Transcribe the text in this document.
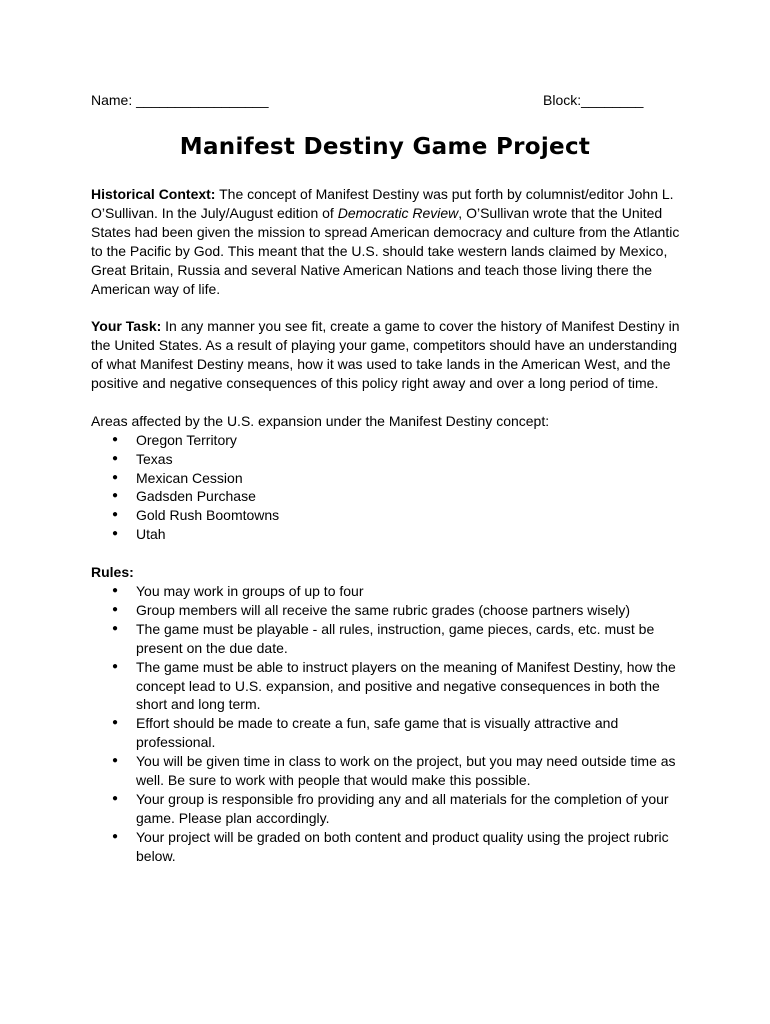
Name: _________________	Block:________
Manifest Destiny Game Project

Historical Context: The concept of Manifest Destiny was put forth by columnist/editor John L. O’Sullivan. In the July/August edition of Democratic Review, O’Sullivan wrote that the United States had been given the mission to spread American democracy and culture from the Atlantic to the Pacific by God. This meant that the U.S. should take western lands claimed by Mexico, Great Britain, Russia and several Native American Nations and teach those living there the American way of life.

Your Task: In any manner you see fit, create a game to cover the history of Manifest Destiny in the United States. As a result of playing your game, competitors should have an understanding of what Manifest Destiny means, how it was used to take lands in the American West, and the positive and negative consequences of this policy right away and over a long period of time.

Areas affected by the U.S. expansion under the Manifest Destiny concept:

● Oregon Territory
● Texas
● Mexican Cession
● Gadsden Purchase
● Gold Rush Boomtowns
● Utah

Rules:

● You may work in groups of up to four
● Group members will all receive the same rubric grades (choose partners wisely)
● The game must be playable - all rules, instruction, game pieces, cards, etc. must be present on the due date.
● The game must be able to instruct players on the meaning of Manifest Destiny, how the concept lead to U.S. expansion, and positive and negative consequences in both the short and long term.
● Effort should be made to create a fun, safe game that is visually attractive and professional.
● You will be given time in class to work on the project, but you may need outside time as well. Be sure to work with people that would make this possible.
● Your group is responsible fro providing any and all materials for the completion of your game. Please plan accordingly.
● Your project will be graded on both content and product quality using the project rubric below.
